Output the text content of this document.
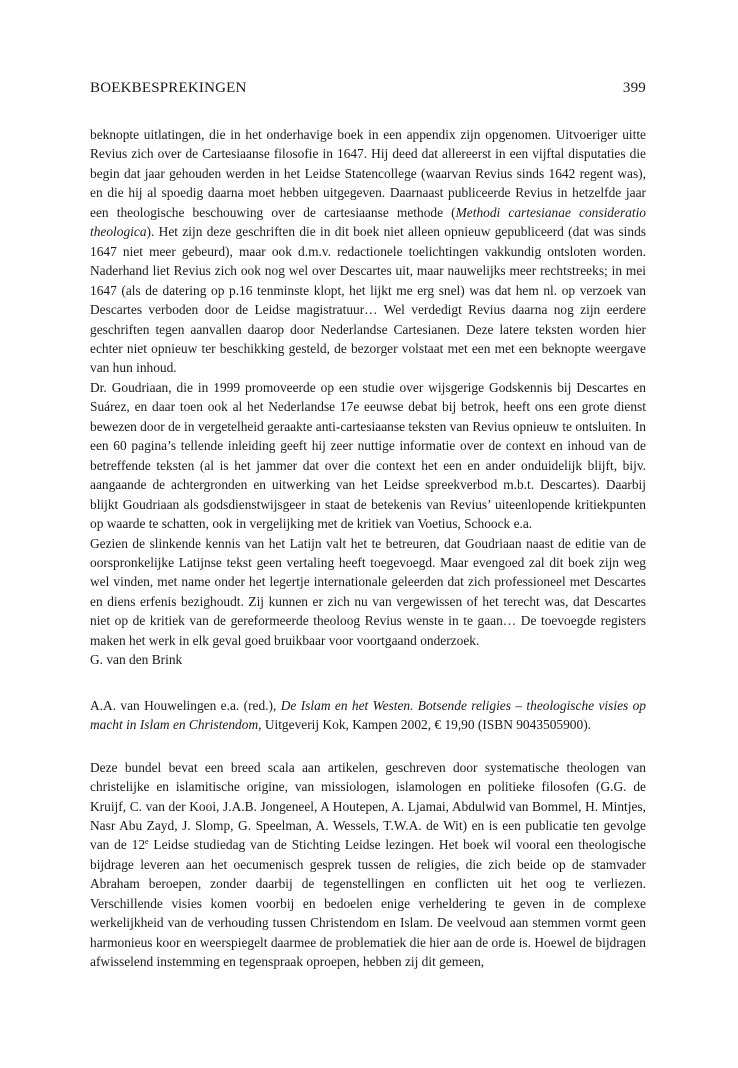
BOEKBESPREKINGEN	399

beknopte uitlatingen, die in het onderhavige boek in een appendix zijn opgenomen. Uitvoeriger uitte Revius zich over de Cartesiaanse filosofie in 1647. Hij deed dat allereerst in een vijftal disputaties die begin dat jaar gehouden werden in het Leidse Statencollege (waarvan Revius sinds 1642 regent was), en die hij al spoedig daarna moet hebben uitgegeven. Daarnaast publiceerde Revius in hetzelfde jaar een theologische beschouwing over de cartesiaanse methode (Methodi cartesianae consideratio theologica). Het zijn deze geschriften die in dit boek niet alleen opnieuw gepubliceerd (dat was sinds 1647 niet meer gebeurd), maar ook d.m.v. redactionele toelichtingen vakkundig ontsloten worden. Naderhand liet Revius zich ook nog wel over Descartes uit, maar nauwelijks meer rechtstreeks; in mei 1647 (als de datering op p.16 tenminste klopt, het lijkt me erg snel) was dat hem nl. op verzoek van Descartes verboden door de Leidse magistratuur… Wel verdedigt Revius daarna nog zijn eerdere geschriften tegen aanvallen daarop door Nederlandse Cartesianen. Deze latere teksten worden hier echter niet opnieuw ter beschikking gesteld, de bezorger volstaat met een met een beknopte weergave van hun inhoud.

Dr. Goudriaan, die in 1999 promoveerde op een studie over wijsgerige Godskennis bij Descartes en Suárez, en daar toen ook al het Nederlandse 17e eeuwse debat bij betrok, heeft ons een grote dienst bewezen door de in vergetelheid geraakte anti-cartesiaanse teksten van Revius opnieuw te ontsluiten. In een 60 pagina’s tellende inleiding geeft hij zeer nuttige informatie over de context en inhoud van de betreffende teksten (al is het jammer dat over die context het een en ander onduidelijk blijft, bijv. aangaande de achtergronden en uitwerking van het Leidse spreekverbod m.b.t. Descartes). Daarbij blijkt Goudriaan als godsdienstwijsgeer in staat de betekenis van Revius’ uiteenlopende kritiekpunten op waarde te schatten, ook in vergelijking met de kritiek van Voetius, Schoock e.a.

Gezien de slinkende kennis van het Latijn valt het te betreuren, dat Goudriaan naast de editie van de oorspronkelijke Latijnse tekst geen vertaling heeft toegevoegd. Maar evengoed zal dit boek zijn weg wel vinden, met name onder het legertje internationale geleerden dat zich professioneel met Descartes en diens erfenis bezighoudt. Zij kunnen er zich nu van vergewissen of het terecht was, dat Descartes niet op de kritiek van de gereformeerde theoloog Revius wenste in te gaan… De toevoegde registers maken het werk in elk geval goed bruikbaar voor voortgaand onderzoek.

G. van den Brink

A.A. van Houwelingen e.a. (red.), De Islam en het Westen. Botsende religies – theologische visies op macht in Islam en Christendom, Uitgeverij Kok, Kampen 2002, € 19,90 (ISBN 9043505900).

Deze bundel bevat een breed scala aan artikelen, geschreven door systematische theologen van christelijke en islamitische origine, van missiologen, islamologen en politieke filosofen (G.G. de Kruijf, C. van der Kooi, J.A.B. Jongeneel, A Houtepen, A. Ljamai, Abdulwid van Bommel, H. Mintjes, Nasr Abu Zayd, J. Slomp, G. Speelman, A. Wessels, T.W.A. de Wit) en is een publicatie ten gevolge van de 12e Leidse studiedag van de Stichting Leidse lezingen. Het boek wil vooral een theologische bijdrage leveren aan het oecumenisch gesprek tussen de religies, die zich beide op de stamvader Abraham beroepen, zonder daarbij de tegenstellingen en conflicten uit het oog te verliezen. Verschillende visies komen voorbij en bedoelen enige verheldering te geven in de complexe werkelijkheid van de verhouding tussen Christendom en Islam. De veelvoud aan stemmen vormt geen harmonieus koor en weerspiegelt daarmee de problematiek die hier aan de orde is. Hoewel de bijdragen afwisselend instemming en tegenspraak oproepen, hebben zij dit gemeen,
